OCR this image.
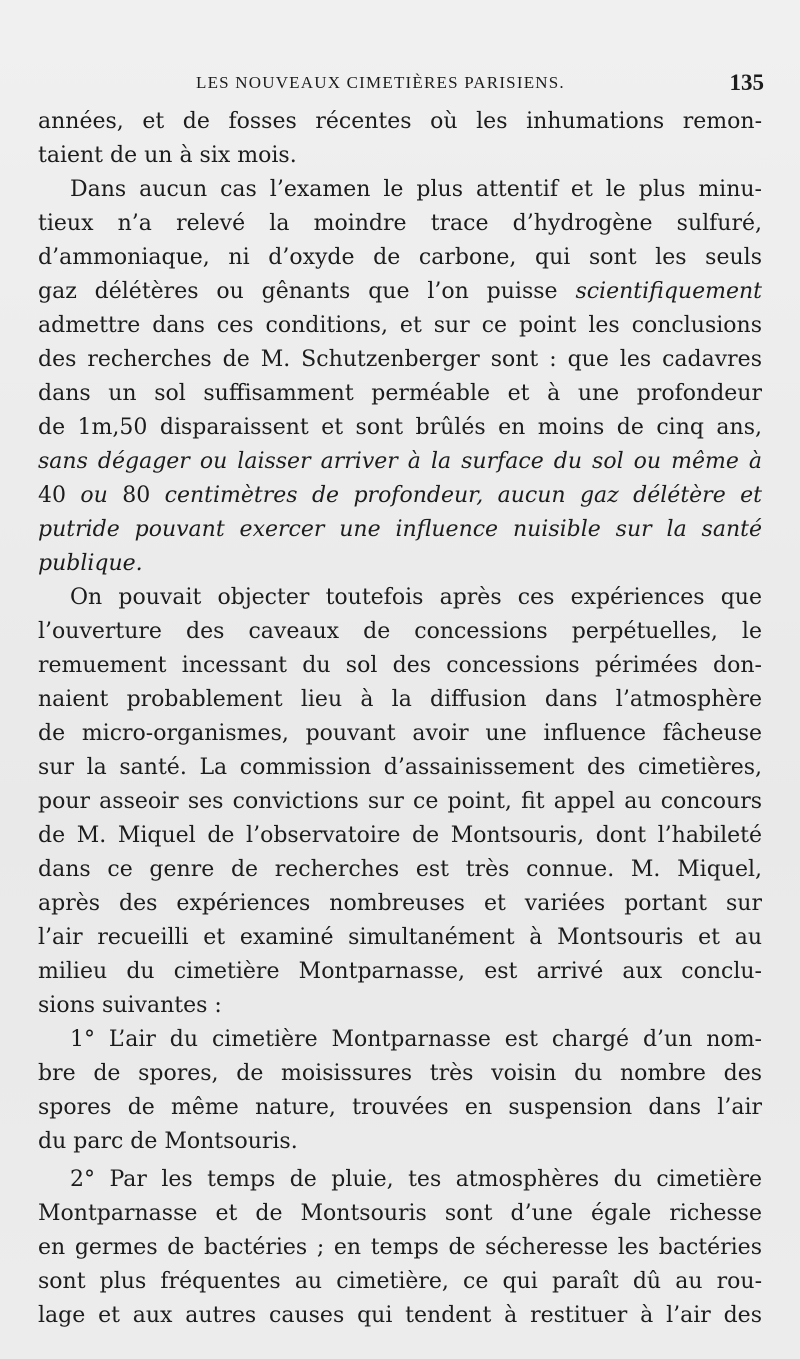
LES NOUVEAUX CIMETIÈRES PARISIENS.	135
années, et de fosses récentes où les inhumations remon-
taient de un à six mois.
Dans aucun cas l’examen le plus attentif et le plus minu-
tieux n’a relevé la moindre trace d’hydrogène sulfuré,
d’ammoniaque, ni d’oxyde de carbone, qui sont les seuls
gaz délétères ou gênants que l’on puisse scientifiquement
admettre dans ces conditions, et sur ce point les conclusions
des recherches de M. Schutzenberger sont : que les cadavres
dans un sol suffisamment perméable et à une profondeur
de 1m,50 disparaissent et sont brûlés en moins de cinq ans,
sans dégager ou laisser arriver à la surface du sol ou même à
40 ou 80 centimètres de profondeur, aucun gaz délétère et
putride pouvant exercer une influence nuisible sur la santé
publique.
On pouvait objecter toutefois après ces expériences que
l’ouverture des caveaux de concessions perpétuelles, le
remuement incessant du sol des concessions périmées don-
naient probablement lieu à la diffusion dans l’atmosphère
de micro-organismes, pouvant avoir une influence fâcheuse
sur la santé. La commission d’assainissement des cimetières,
pour asseoir ses convictions sur ce point, fit appel au concours
de M. Miquel de l’observatoire de Montsouris, dont l’habileté
dans ce genre de recherches est très connue. M. Miquel,
après des expériences nombreuses et variées portant sur
l’air recueilli et examiné simultanément à Montsouris et au
milieu du cimetière Montparnasse, est arrivé aux conclu-
sions suivantes :
1° L’air du cimetière Montparnasse est chargé d’un nom-
bre de spores, de moisissures très voisin du nombre des
spores de même nature, trouvées en suspension dans l’air
du parc de Montsouris.
2° Par les temps de pluie, tes atmosphères du cimetière
Montparnasse et de Montsouris sont d’une égale richesse
en germes de bactéries ; en temps de sécheresse les bactéries
sont plus fréquentes au cimetière, ce qui paraît dû au rou-
lage et aux autres causes qui tendent à restituer à l’air des
